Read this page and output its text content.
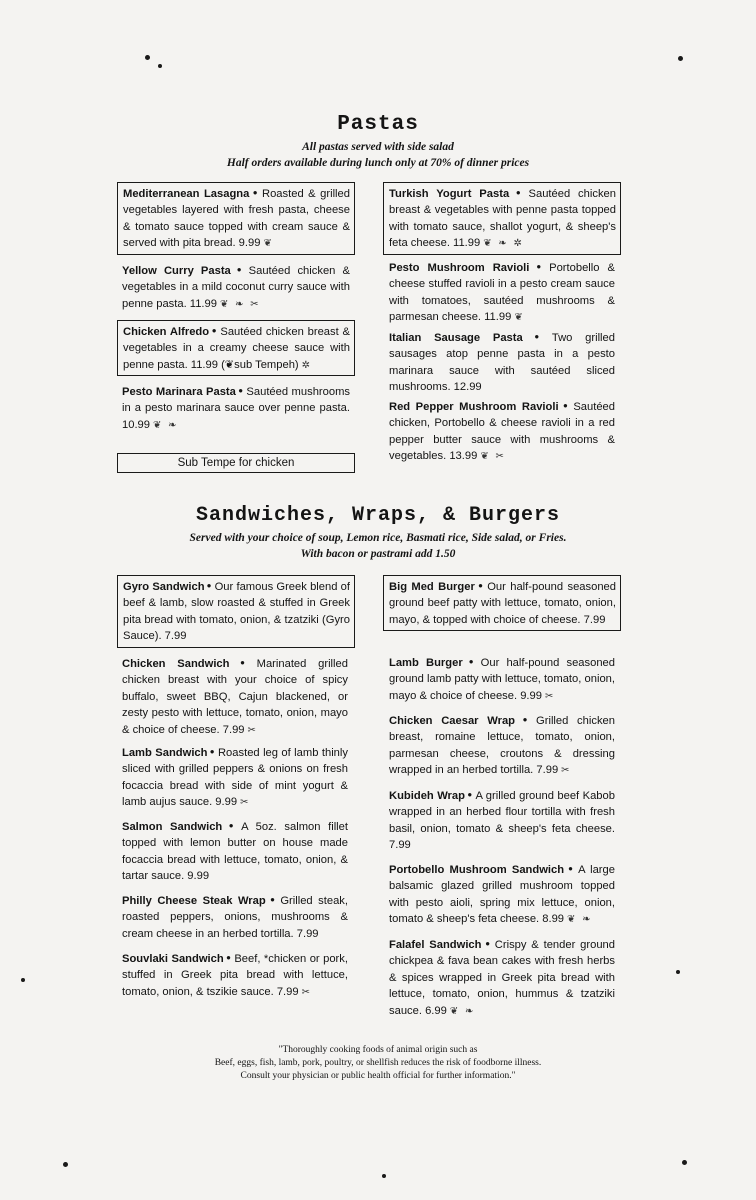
Pastas
All pastas served with side salad
Half orders available during lunch only at 70% of dinner prices
Mediterranean Lasagna ● Roasted & grilled vegetables layered with fresh pasta, cheese & tomato sauce topped with cream sauce & served with pita bread. 9.99 ❦
Yellow Curry Pasta ● Sautéed chicken & vegetables in a mild coconut curry sauce with penne pasta. 11.99 ❦ ❧ ✂
Chicken Alfredo ● Sautéed chicken breast & vegetables in a creamy cheese sauce with penne pasta. 11.99 (❦sub Tempeh) ✲
Pesto Marinara Pasta ● Sautéed mushrooms in a pesto marinara sauce over penne pasta. 10.99 ❦ ❧
Sub Tempe for chicken
Turkish Yogurt Pasta ● Sautéed chicken breast & vegetables with penne pasta topped with tomato sauce, shallot yogurt, & sheep's feta cheese. 11.99 ❦ ❧ ✲
Pesto Mushroom Ravioli ● Portobello & cheese stuffed ravioli in a pesto cream sauce with tomatoes, sautéed mushrooms & parmesan cheese. 11.99 ❦
Italian Sausage Pasta ● Two grilled sausages atop penne pasta in a pesto marinara sauce with sautéed sliced mushrooms. 12.99
Red Pepper Mushroom Ravioli ● Sautéed chicken, Portobello & cheese ravioli in a red pepper butter sauce with mushrooms & vegetables. 13.99 ❦ ✂
Sandwiches, Wraps, & Burgers
Served with your choice of soup, Lemon rice, Basmati rice, Side salad, or Fries.
With bacon or pastrami add 1.50
Gyro Sandwich ● Our famous Greek blend of beef & lamb, slow roasted & stuffed in Greek pita bread with tomato, onion, & tzatziki (Gyro Sauce). 7.99
Chicken Sandwich ● Marinated grilled chicken breast with your choice of spicy buffalo, sweet BBQ, Cajun blackened, or zesty pesto with lettuce, tomato, onion, mayo & choice of cheese. 7.99 ✂
Lamb Sandwich ● Roasted leg of lamb thinly sliced with grilled peppers & onions on fresh focaccia bread with side of mint yogurt & lamb aujus sauce. 9.99 ✂
Salmon Sandwich ● A 5oz. salmon fillet topped with lemon butter on house made focaccia bread with lettuce, tomato, onion, & tartar sauce. 9.99
Philly Cheese Steak Wrap ● Grilled steak, roasted peppers, onions, mushrooms & cream cheese in an herbed tortilla. 7.99
Souvlaki Sandwich ● Beef, *chicken or pork, stuffed in Greek pita bread with lettuce, tomato, onion, & tszikie sauce. 7.99 ✂
Big Med Burger ● Our half-pound seasoned ground beef patty with lettuce, tomato, onion, mayo, & topped with choice of cheese. 7.99
Lamb Burger ● Our half-pound seasoned ground lamb patty with lettuce, tomato, onion, mayo & choice of cheese. 9.99 ✂
Chicken Caesar Wrap ● Grilled chicken breast, romaine lettuce, tomato, onion, parmesan cheese, croutons & dressing wrapped in an herbed tortilla. 7.99 ✂
Kubideh Wrap ● A grilled ground beef Kabob wrapped in an herbed flour tortilla with fresh basil, onion, tomato & sheep's feta cheese. 7.99
Portobello Mushroom Sandwich ● A large balsamic glazed grilled mushroom topped with pesto aioli, spring mix lettuce, onion, tomato & sheep's feta cheese. 8.99 ❦ ❧
Falafel Sandwich ● Crispy & tender ground chickpea & fava bean cakes with fresh herbs & spices wrapped in Greek pita bread with lettuce, tomato, onion, hummus & tzatziki sauce. 6.99 ❦ ❧
"Thoroughly cooking foods of animal origin such as
Beef, eggs, fish, lamb, pork, poultry, or shellfish reduces the risk of foodborne illness.
Consult your physician or public health official for further information."
